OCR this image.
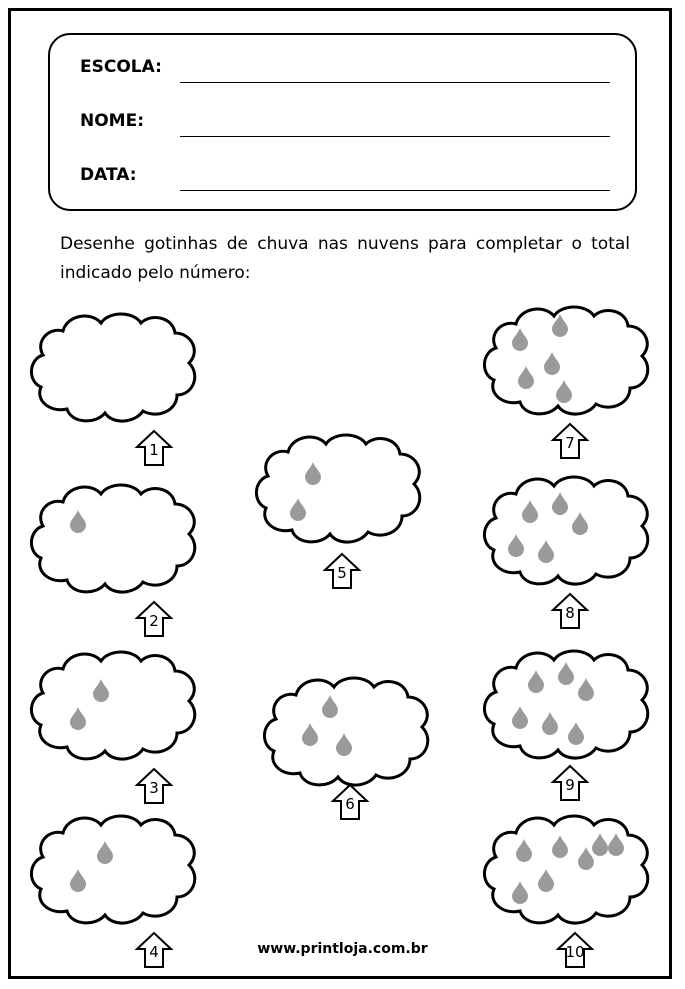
ESCOLA:
NOME:
DATA:

Desenhe gotinhas de chuva nas nuvens para completar o total indicado pelo número:

1
2
3
4
5
6
7
8
9
10
www.printloja.com.br
